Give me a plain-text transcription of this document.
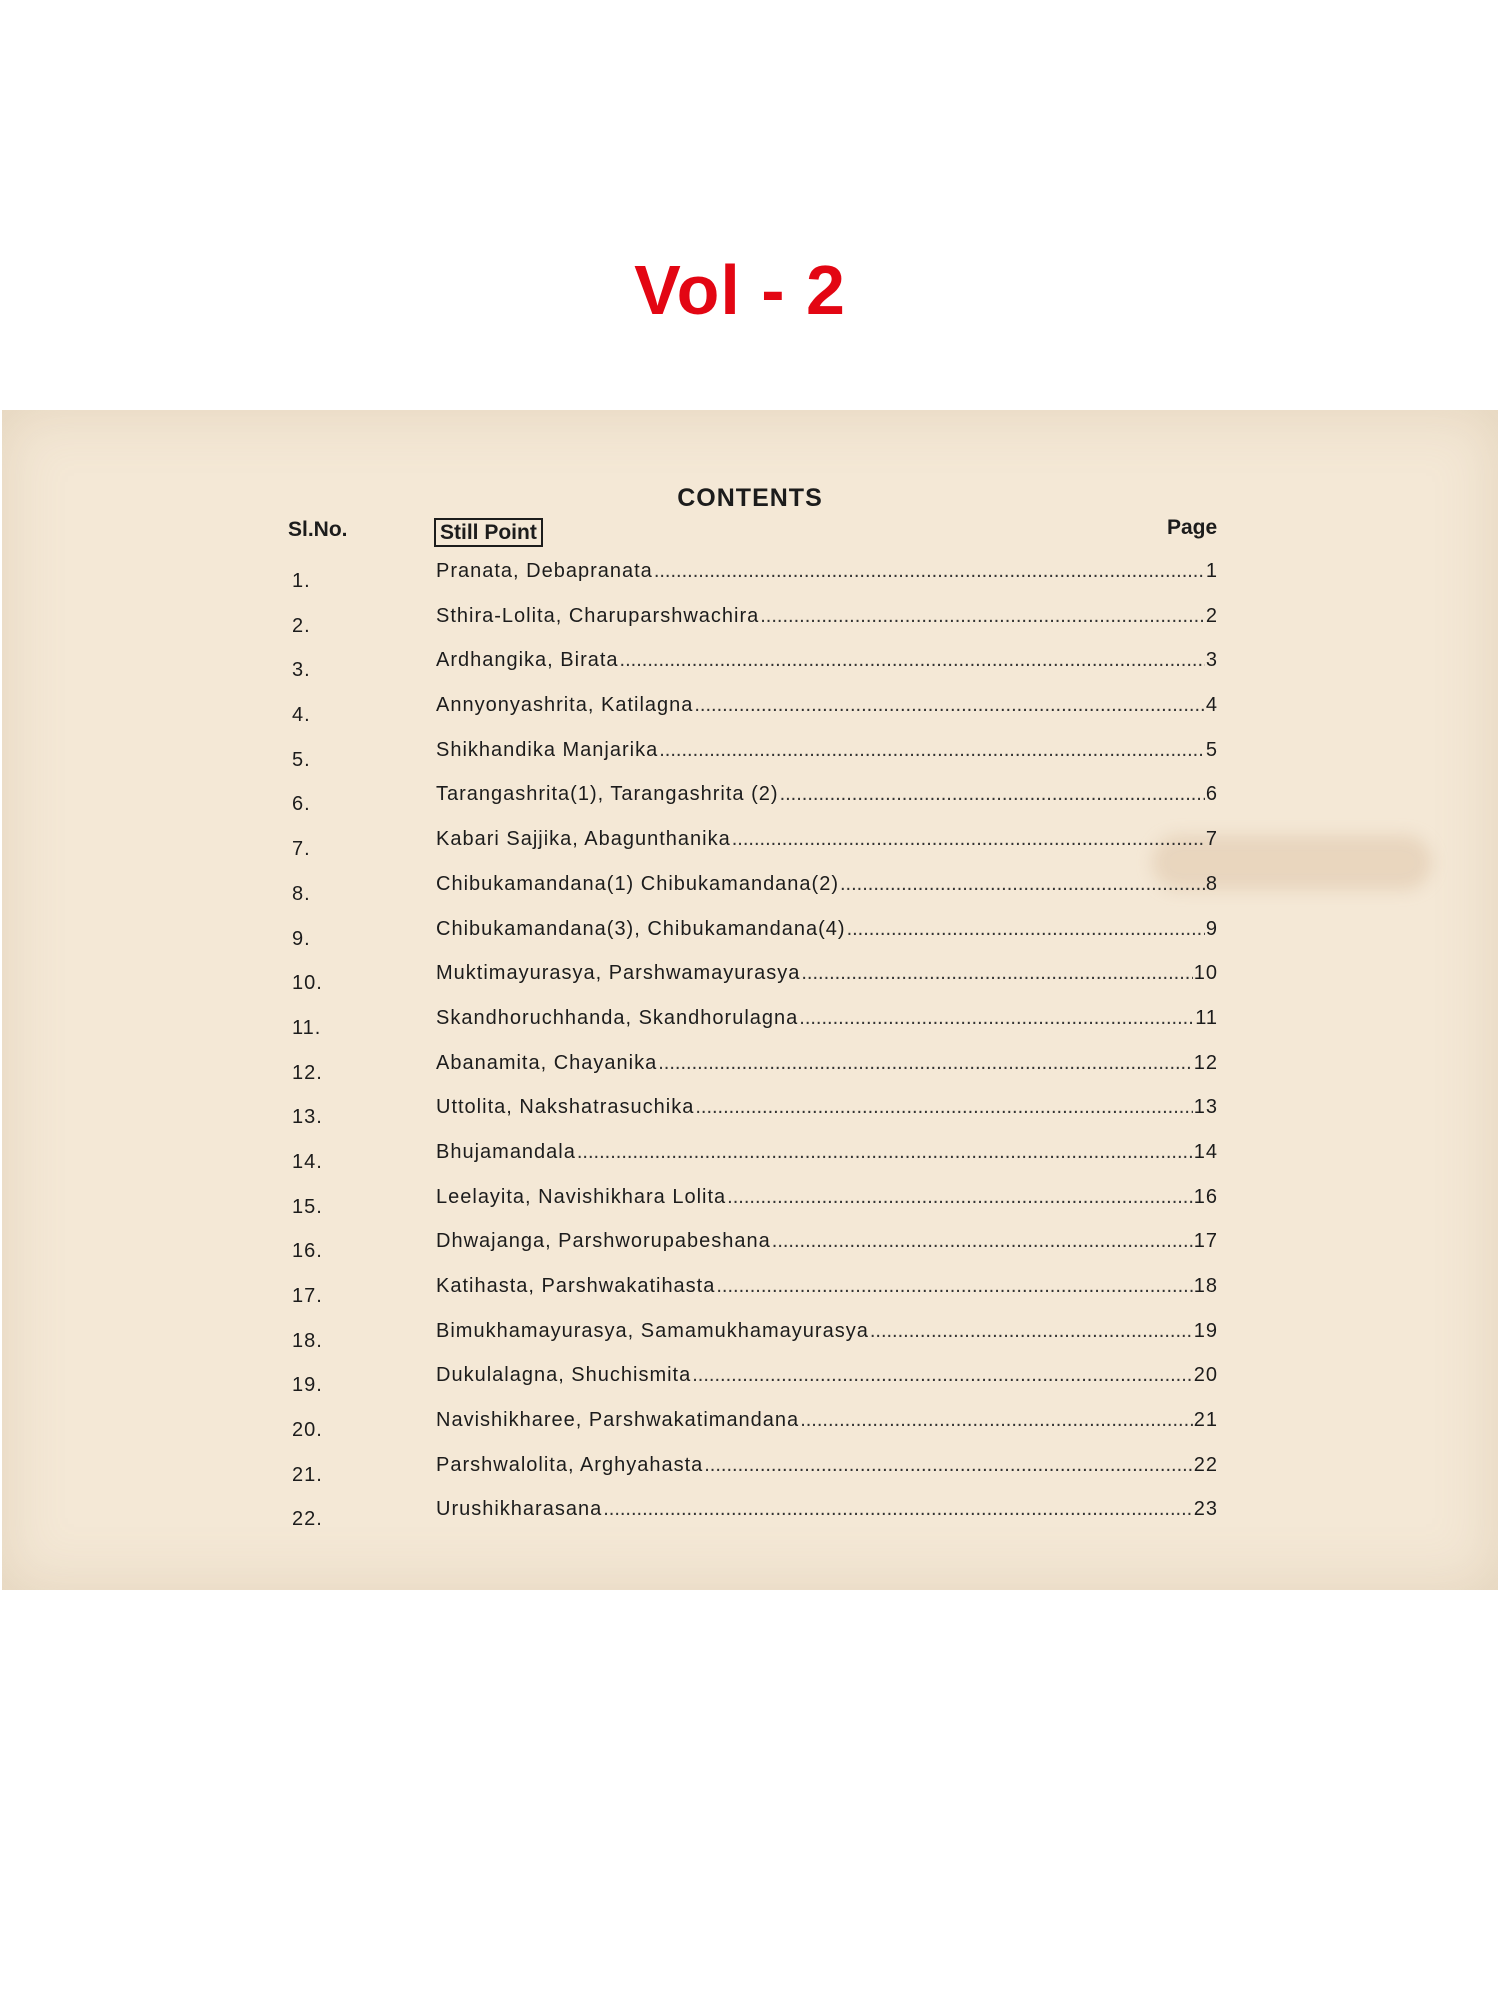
Vol - 2
CONTENTS
Sl.No.	Still Point	Page
1.	Pranata, Debapranata .....	1
2.	Sthira-Lolita, Charuparshwachira .....	2
3.	Ardhangika, Birata .....	3
4.	Annyonyashrita, Katilagna .....	4
5.	Shikhandika Manjarika .....	5
6.	Tarangashrita(1), Tarangashrita (2) .....	6
7.	Kabari Sajjika, Abagunthanika .....	7
8.	Chibukamandana(1) Chibukamandana(2) .....	8
9.	Chibukamandana(3), Chibukamandana(4) .....	9
10.	Muktimayurasya, Parshwamayurasya .....	10
11.	Skandhoruchhanda, Skandhorulagna .....	11
12.	Abanamita, Chayanika .....	12
13.	Uttolita, Nakshatrasuchika .....	13
14.	Bhujamandala .....	14
15.	Leelayita, Navishikhara Lolita .....	16
16.	Dhwajanga, Parshworupabeshana .....	17
17.	Katihasta, Parshwakatihasta .....	18
18.	Bimukhamayurasya, Samamukhamayurasya .....	19
19.	Dukulalagna, Shuchismita .....	20
20.	Navishikharee, Parshwakatimandana .....	21
21.	Parshwalolita, Arghyahasta .....	22
22.	Urushikharasana .....	23
